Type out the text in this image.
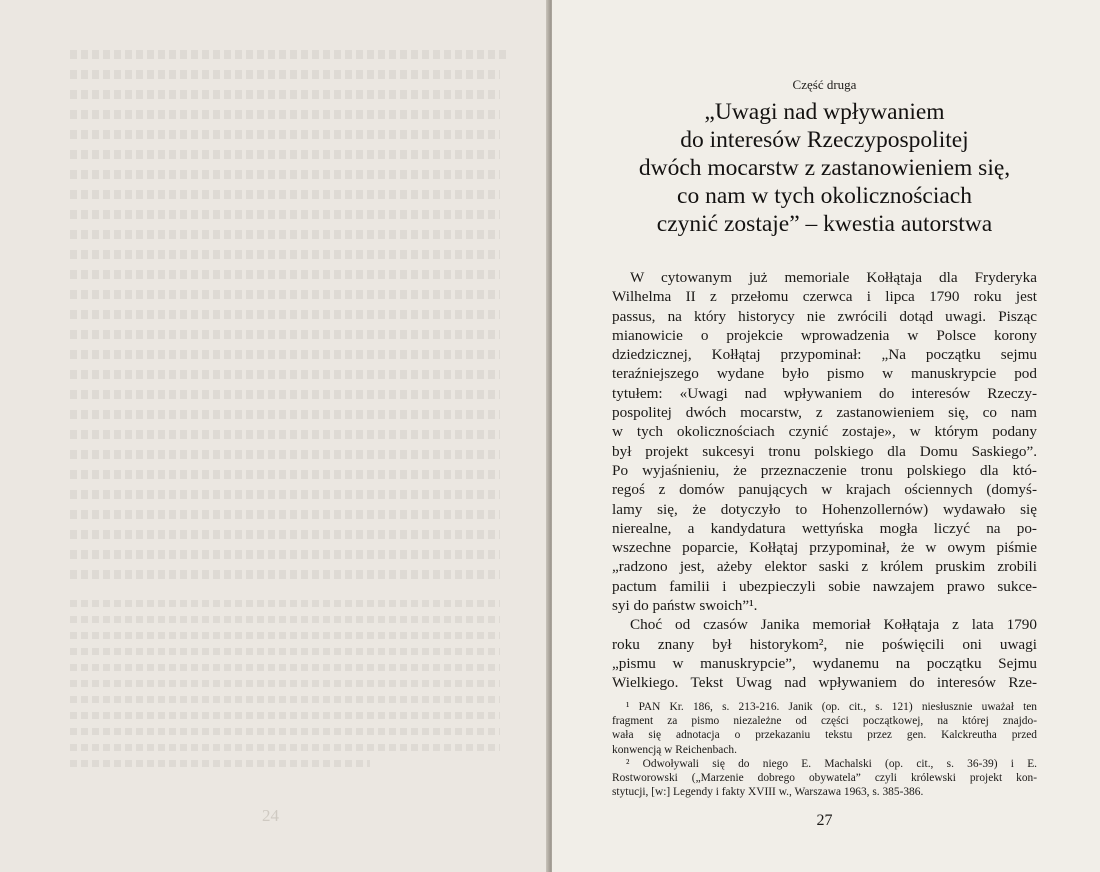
24
Część druga
„Uwagi nad wpływaniem
do interesów Rzeczypospolitej
dwóch mocarstw z zastanowieniem się,
co nam w tych okolicznościach
czynić zostaje” – kwestia autorstwa
W cytowanym już memoriale Kołłątaja dla Fryderyka
Wilhelma II z przełomu czerwca i lipca 1790 roku jest
passus, na który historycy nie zwrócili dotąd uwagi. Pisząc
mianowicie o projekcie wprowadzenia w Polsce korony
dziedzicznej, Kołłątaj przypominał: „Na początku sejmu
teraźniejszego wydane było pismo w manuskrypcie pod
tytułem: «Uwagi nad wpływaniem do interesów Rzeczy-
pospolitej dwóch mocarstw, z zastanowieniem się, co nam
w tych okolicznościach czynić zostaje», w którym podany
był projekt sukcesyi tronu polskiego dla Domu Saskiego”.
Po wyjaśnieniu, że przeznaczenie tronu polskiego dla któ-
regoś z domów panujących w krajach ościennych (domyś-
lamy się, że dotyczyło to Hohenzollernów) wydawało się
nierealne, a kandydatura wettyńska mogła liczyć na po-
wszechne poparcie, Kołłątaj przypominał, że w owym piśmie
„radzono jest, ażeby elektor saski z królem pruskim zrobili
pactum familii i ubezpieczyli sobie nawzajem prawo sukce-
syi do państw swoich”¹.
Choć od czasów Janika memoriał Kołłątaja z lata 1790
roku znany był historykom², nie poświęcili oni uwagi
„pismu w manuskrypcie”, wydanemu na początku Sejmu
Wielkiego. Tekst Uwag nad wpływaniem do interesów Rze-
¹ PAN Kr. 186, s. 213-216. Janik (op. cit., s. 121) niesłusznie uważał ten
fragment za pismo niezależne od części początkowej, na której znajdo-
wała się adnotacja o przekazaniu tekstu przez gen. Kalckreutha przed
konwencją w Reichenbach.
² Odwoływali się do niego E. Machalski (op. cit., s. 36-39) i E.
Rostworowski („Marzenie dobrego obywatela” czyli królewski projekt kon-
stytucji, [w:] Legendy i fakty XVIII w., Warszawa 1963, s. 385-386.
27
